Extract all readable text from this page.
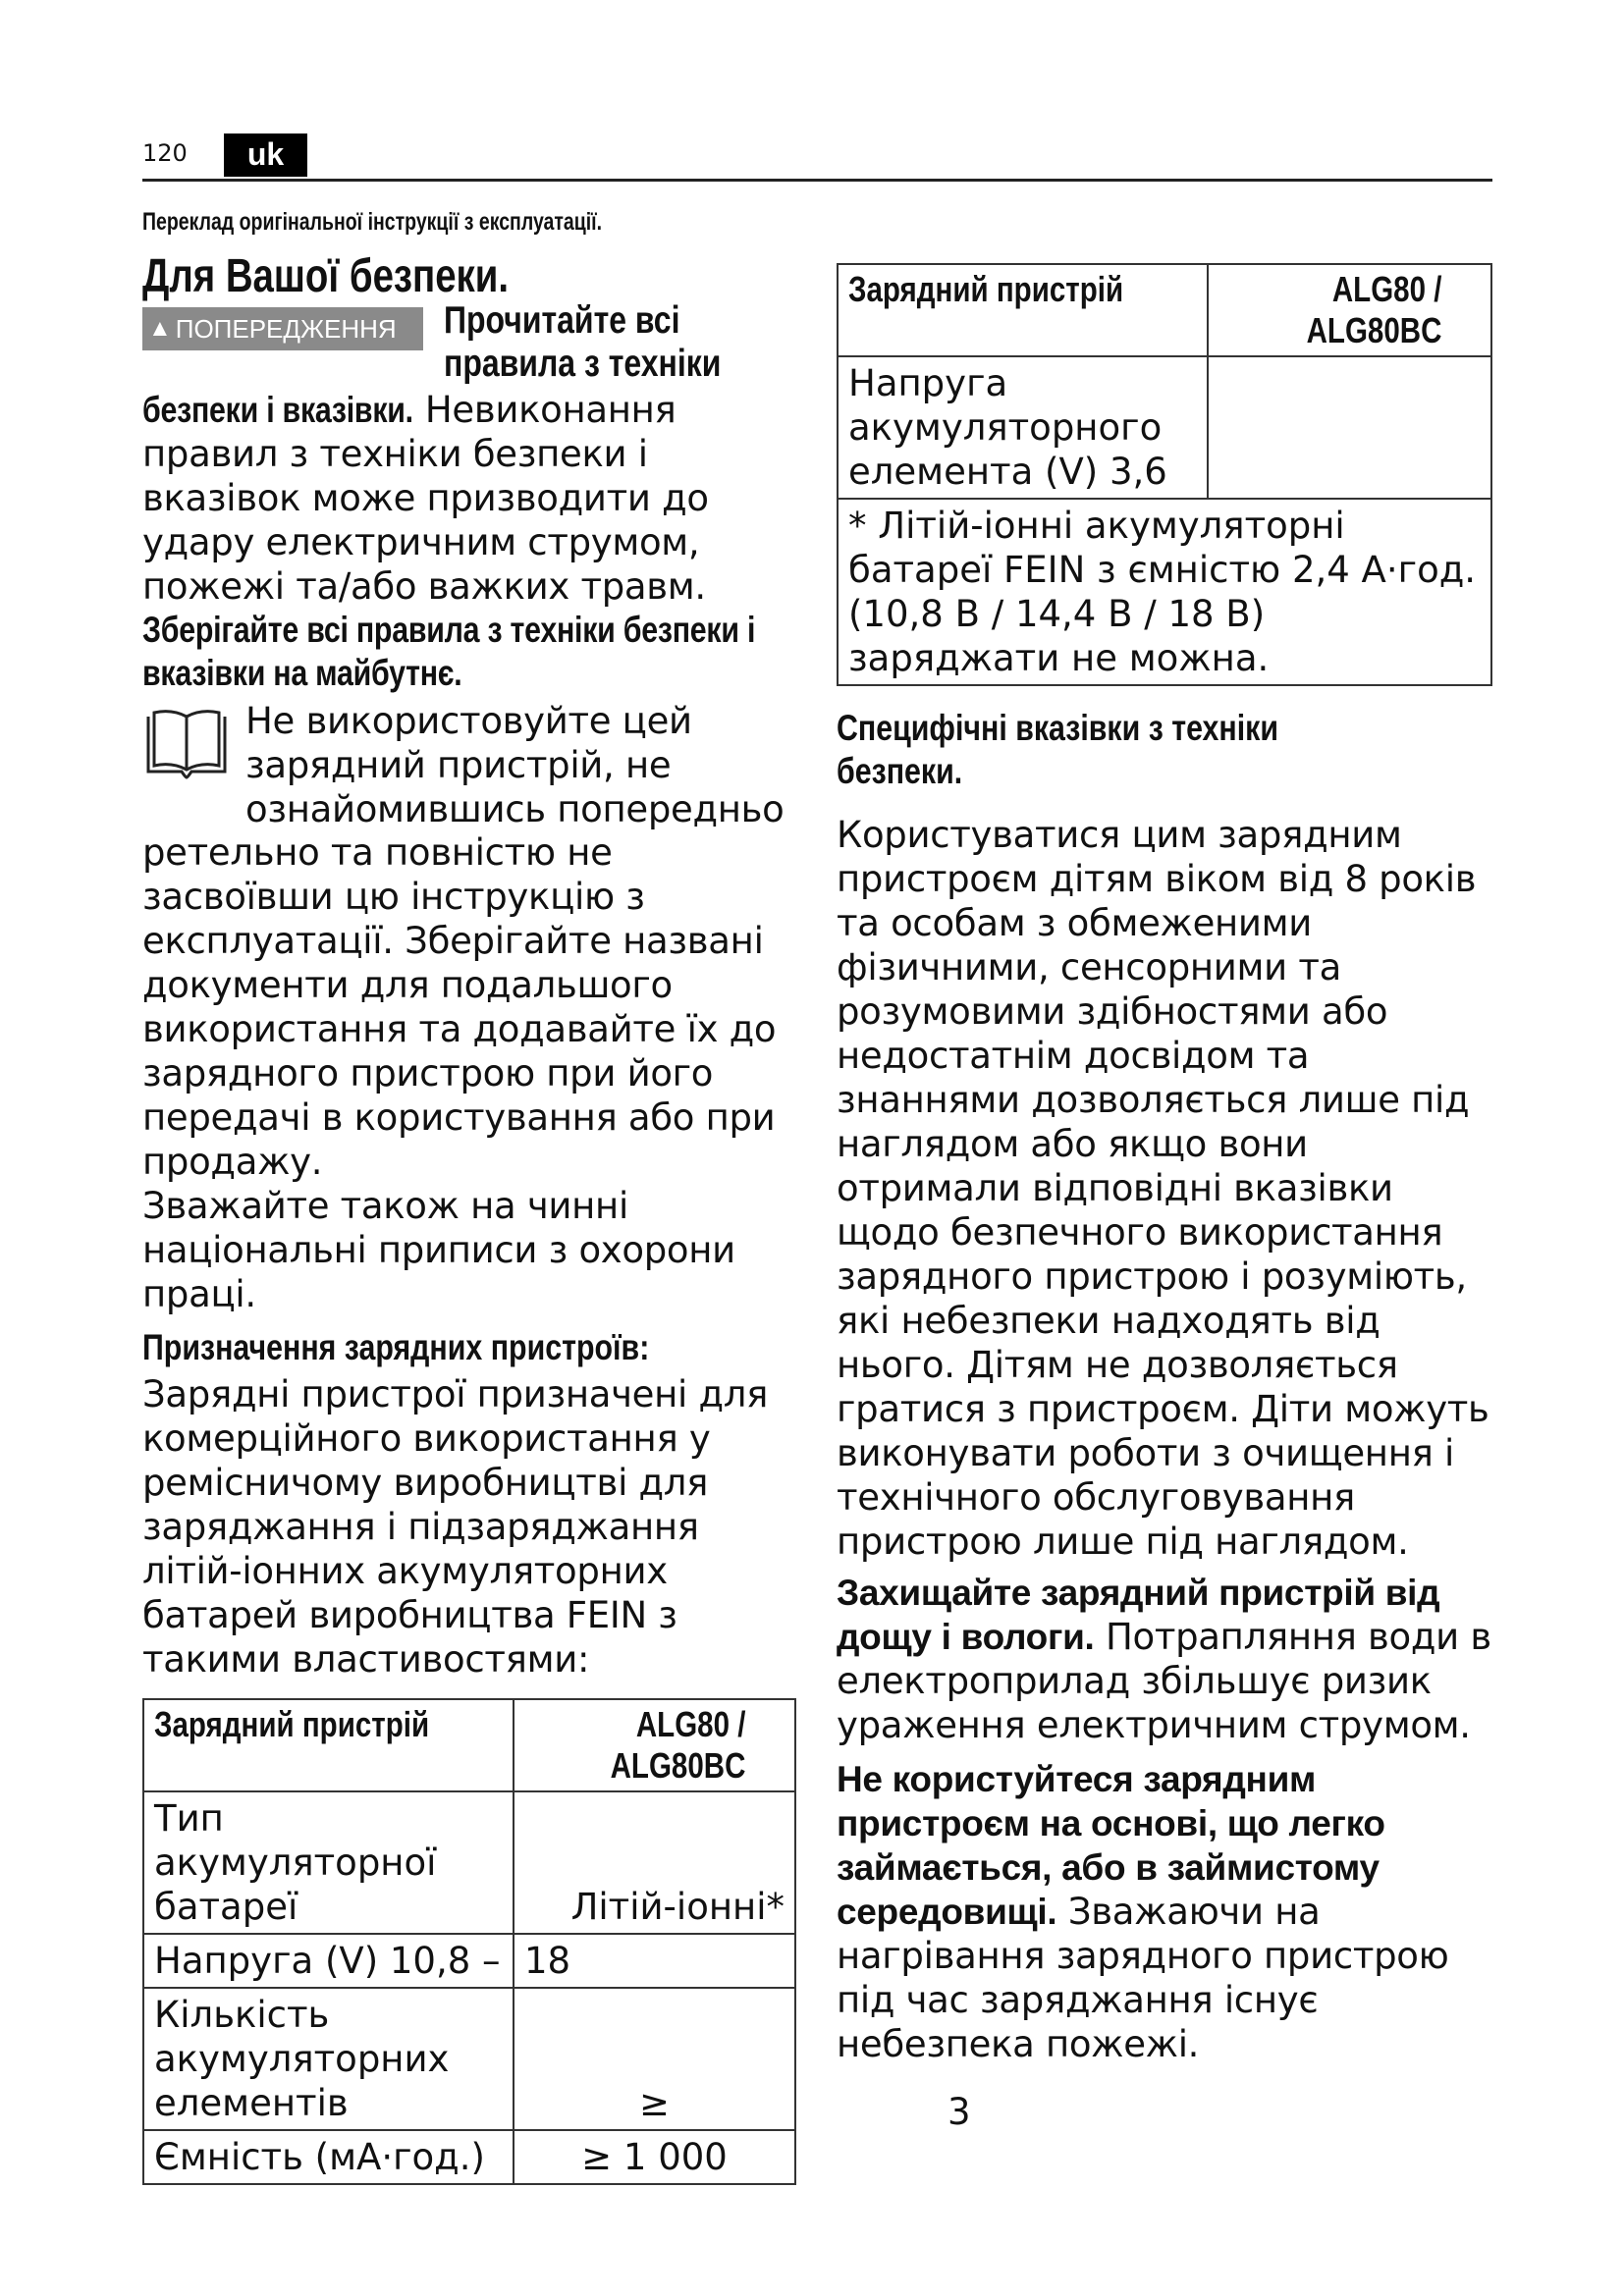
120	uk
Переклад оригінальної інструкції з експлуатації.
Для Вашої безпеки.
▲ ПОПЕРЕДЖЕННЯ Прочитайте всі правила з техніки

безпеки і вказівки. Невиконання правил з техніки безпеки і вказівок може призводити до удару електричним струмом, пожежі та/або важких травм.

Зберігайте всі правила з техніки безпеки і вказівки на майбутнє.

Не використовуйте цей зарядний пристрій, не ознайомившись попередньо

ретельно та повністю не засвоївши цю інструкцію з експлуатації. Зберігайте названі документи для подальшого використання та додавайте їх до зарядного пристрою при його передачі в користування або при продажу.

Зважайте також на чинні національні приписи з охорони праці.

Призначення зарядних пристроїв:
Зарядні пристрої призначені для комерційного використання у ремісничому виробництві для заряджання і підзаряджання літій-іонних акумуляторних батарей виробництва FEIN з такими властивостями:
Зарядний пристрій	ALG80 / ALG80BC
Тип акумуляторної батареї	Літій-іонні*
Напруга (V) 10,8 –	18
Кількість акумуляторних елементів	≥
Ємність (мА·год.)	≥ 1 000
Зарядний пристрій	ALG80 / ALG80BC
Напруга акумуляторного елемента (V) 3,6	
* Літій-іонні акумуляторні батареї FEIN з ємністю 2,4 А·год. (10,8 В / 14,4 В / 18 В) заряджати не можна.	
Специфічні вказівки з техніки безпеки.
Користуватися цим зарядним пристроєм дітям віком від 8 років та особам з обмеженими фізичними, сенсорними та розумовими здібностями або недостатнім досвідом та знаннями дозволяється лише під наглядом або якщо вони отримали відповідні вказівки щодо безпечного використання зарядного пристрою і розуміють, які небезпеки надходять від нього. Дітям не дозволяється гратися з пристроєм. Діти можуть виконувати роботи з очищення і технічного обслуговування пристрою лише під наглядом.
Захищайте зарядний пристрій від дощу і вологи. Потрапляння води в електроприлад збільшує ризик ураження електричним струмом.
Не користуйтеся зарядним пристроєм на основі, що легко займається, або в займистому середовищі. Зважаючи на нагрівання зарядного пристрою під час заряджання існує небезпека пожежі.
3
